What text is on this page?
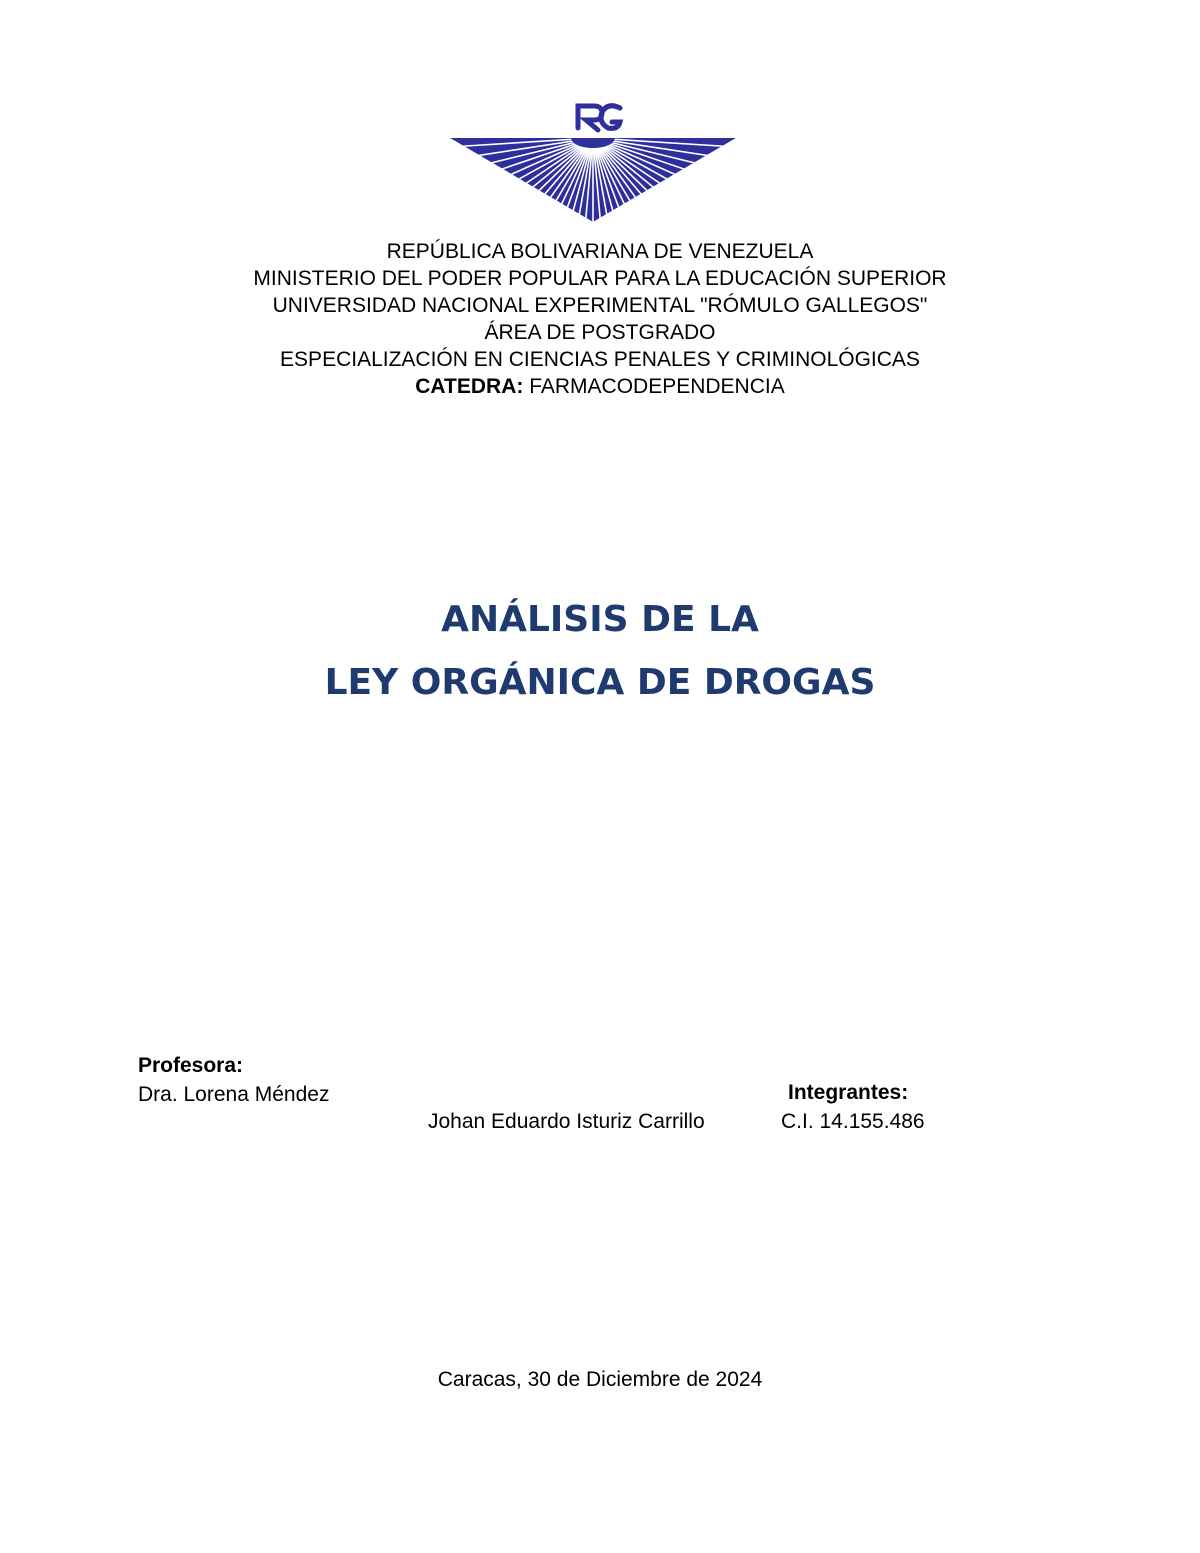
REPÚBLICA BOLIVARIANA DE VENEZUELA
MINISTERIO DEL PODER POPULAR PARA LA EDUCACIÓN SUPERIOR
UNIVERSIDAD NACIONAL EXPERIMENTAL "RÓMULO GALLEGOS"
ÁREA DE POSTGRADO
ESPECIALIZACIÓN EN CIENCIAS PENALES Y CRIMINOLÓGICAS
CATEDRA: FARMACODEPENDENCIA
ANÁLISIS DE LA
LEY ORGÁNICA DE DROGAS
Profesora:
Dra. Lorena Méndez	Integrantes:
Johan Eduardo Isturiz Carrillo	C.I. 14.155.486
Caracas, 30 de Diciembre de 2024
